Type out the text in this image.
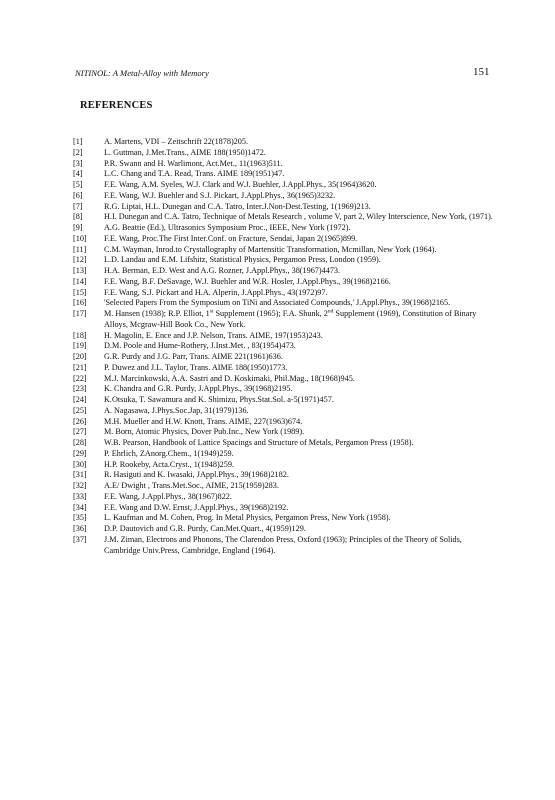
NITINOL: A Metal-Alloy with Memory	151
REFERENCES
[1]	A. Martens, VDI – Zeitschrift 22(1878)205.
[2]	L. Guttman, J.Met.Trans., AIME 188(1950)1472.
[3]	P.R. Swann and H. Warlimont, Act.Met., 11(1963)511.
[4]	L.C. Chang and T.A. Read, Trans. AIME 189(1951)47.
[5]	F.E. Wang, A.M. Syeles, W.J. Clark and W.J. Buehler, J.Appl.Phys., 35(1964)3620.
[6]	F.E. Wang, W.J. Buehler and S.J. Pickart, J.Appl.Phys., 36(1965)3232.
[7]	R.G. Liptai, H.L. Dunegan and C.A. Tatro, Inter.J.Non-Dest.Testing, 1(1969)213.
[8]	H.I. Dunegan and C.A. Tatro, Technique of Metals Research , volume V, part 2, Wiley Interscience, New York, (1971).
[9]	A.G. Beattie (Ed.), Ultrasonics Symposium Proc., IEEE, New York (1972).
[10]	F.E. Wang, Proc.The First Inter.Conf. on Fracture, Sendai, Japan 2(1965)899.
[11]	C.M. Wayman, Inrod.to Crystallography of Martensitic Transformation, Mcmillan, New York (1964).
[12]	L.D. Landau and E.M. Lifshitz, Statistical Physics, Pergamon Press, London (1959).
[13]	H.A. Berman, E.D. West and A.G. Rozner, J.Appl.Phys., 38(1967)4473.
[14]	F.E. Wang, B.F. DeSavage, W.J. Buehler and W.R. Hosler, J.Appl.Phys., 39(1968)2166.
[15]	F.E. Wang, S.J. Pickart and H.A. Alperin, J.Appl.Phys., 43(1972)97.
[16]	'Selected Papers From the Symposium on TiNi and Associated Compounds,' J.Appl.Phys., 39(1968)2165.
[17]	M. Hansen (1938); R.P. Elliot, 1st Supplement (1965); F.A. Shunk, 2nd Supplement (1969), Constitution of Binary Alloys, Mcgraw-Hill Book Co., New York.
[18]	H. Magolin, E. Ence and J.P. Nelson, Trans. AIME, 197(1953)243.
[19]	D.M. Poole and Hume-Rothery, J.Inst.Met. , 83(1954)473.
[20]	G.R. Purdy and J.G. Parr, Trans. AIME 221(1961)636.
[21]	P. Duwez and J.L. Taylor, Trans. AIME 188(1950)1773.
[22]	M.J. Marcinkowski, A.A. Sastri and D. Koskimaki, Phil.Mag., 18(1968)945.
[23]	K. Chandra and G.R. Purdy, J.Appl.Phys., 39(1968)2195.
[24]	K.Otsuka, T. Sawamura and K. Shimizu, Phys.Stat.Sol. a-5(1971)457.
[25]	A. Nagasawa, J.Phys.Soc.Jap, 31(1979)136.
[26]	M.H. Mueller and H.W. Knott, Trans. AIME, 227(1963)674.
[27]	M. Born, Atomic Physics, Dover Pub.Inc., New York (1989).
[28]	W.B. Pearson, Handbook of Lattice Spacings and Structure of Metals, Pergamon Press (1958).
[29]	P. Ehrlich, ZAnorg.Chem., 1(1949)259.
[30]	H.P. Rookeby, Acta.Cryst., 1(1948)259.
[31]	R. Hasiguti and K. Iwasaki, JAppl.Phys., 39(1968)2182.
[32]	A.E/ Dwight , Trans.Met.Soc., AIME, 215(1959)283.
[33]	F.E. Wang, J.Appl.Phys., 38(1967)822.
[34]	F.E. Wang and D.W. Ernst, J.Appl.Phys., 39(1968)2192.
[35]	L. Kaufman and M. Cohen, Prog. In Metal Physics, Pergamon Press, New York (1958).
[36]	D.P. Dautovich and G.R. Purdy, Can.Met.Quart., 4(1959)129.
[37]	J.M. Ziman, Electrons and Phonons, The Clarendon Press, Oxford (1963); Principles of the Theory of Solids, Cambridge Univ.Press, Cambridge, England (1964).
